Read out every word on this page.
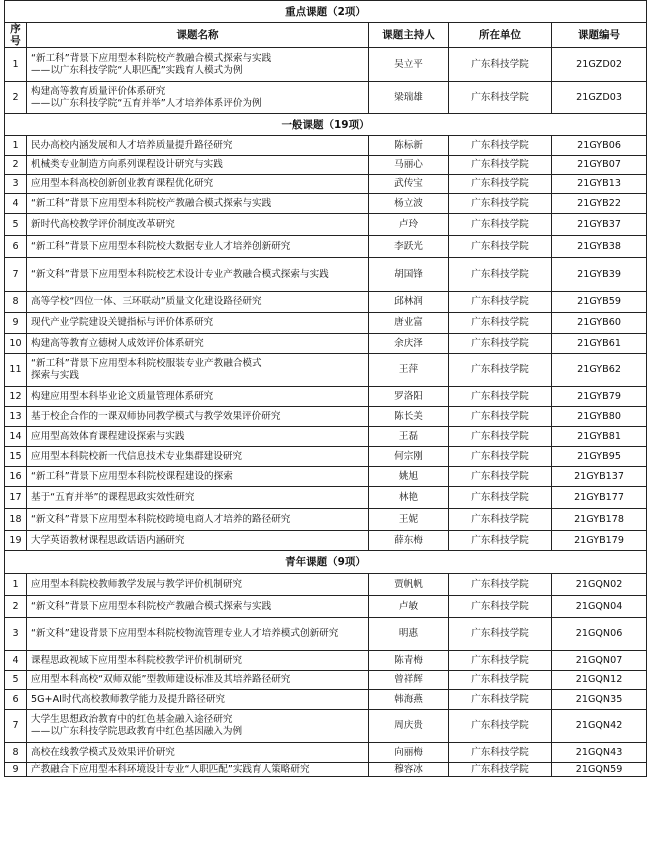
重点课题（2项）				
序号	课题名称	课题主持人	所在单位	课题编号
1	“新工科”背景下应用型本科院校产教融合模式探索与实践
——以广东科技学院“人职匹配”实践育人模式为例	吴立平	广东科技学院	21GZD02
2	构建高等教育质量评价体系研究
——以广东科技学院“五育并举”人才培养体系评价为例	梁瑞雄	广东科技学院	21GZD03
一般课题（19项）				
1	民办高校内涵发展和人才培养质量提升路径研究	陈标新	广东科技学院	21GYB06
2	机械类专业制造方向系列课程设计研究与实践	马丽心	广东科技学院	21GYB07
3	应用型本科高校创新创业教育课程优化研究	武传宝	广东科技学院	21GYB13
4	“新工科”背景下应用型本科院校产教融合模式探索与实践	杨立波	广东科技学院	21GYB22
5	新时代高校教学评价制度改革研究	卢玲	广东科技学院	21GYB37
6	“新工科”背景下应用型本科院校大数据专业人才培养创新研究	李跃光	广东科技学院	21GYB38
7	“新文科”背景下应用型本科院校艺术设计专业产教融合模式探索与实践	胡国锋	广东科技学院	21GYB39
8	高等学校“四位一体、三环联动”质量文化建设路径研究	邱林润	广东科技学院	21GYB59
9	现代产业学院建设关键指标与评价体系研究	唐业富	广东科技学院	21GYB60
10	构建高等教育立德树人成效评价体系研究	余庆泽	广东科技学院	21GYB61
11	“新工科”背景下应用型本科院校服装专业产教融合模式
探索与实践	王萍	广东科技学院	21GYB62
12	构建应用型本科毕业论文质量管理体系研究	罗洛阳	广东科技学院	21GYB79
13	基于校企合作的一课双师协同教学模式与教学效果评价研究	陈长美	广东科技学院	21GYB80
14	应用型高效体育课程建设探索与实践	王磊	广东科技学院	21GYB81
15	应用型本科院校新一代信息技术专业集群建设研究	何宗刚	广东科技学院	21GYB95
16	“新工科”背景下应用型本科院校课程建设的探索	姚旭	广东科技学院	21GYB137
17	基于“五育并举”的课程思政实效性研究	林艳	广东科技学院	21GYB177
18	“新文科”背景下应用型本科院校跨境电商人才培养的路径研究	王妮	广东科技学院	21GYB178
19	大学英语教材课程思政话语内涵研究	薛东梅	广东科技学院	21GYB179
青年课题（9项）				
1	应用型本科院校教师教学发展与教学评价机制研究	贾帆帆	广东科技学院	21GQN02
2	“新文科”背景下应用型本科院校产教融合模式探索与实践	卢敏	广东科技学院	21GQN04
3	“新文科”建设背景下应用型本科院校物流管理专业人才培养模式创新研究	明惠	广东科技学院	21GQN06
4	课程思政视域下应用型本科院校教学评价机制研究	陈青梅	广东科技学院	21GQN07
5	应用型本科高校“双师双能”型教师建设标准及其培养路径研究	曾祥辉	广东科技学院	21GQN12
6	5G+AI时代高校教师教学能力及提升路径研究	韩海燕	广东科技学院	21GQN35
7	大学生思想政治教育中的红色基金融入途径研究
——以广东科技学院思政教育中红色基因融入为例	周庆贵	广东科技学院	21GQN42
8	高校在线教学模式及效果评价研究	向丽梅	广东科技学院	21GQN43
9	产教融合下应用型本科环境设计专业“人职匹配”实践育人策略研究	穆容冰	广东科技学院	21GQN59
